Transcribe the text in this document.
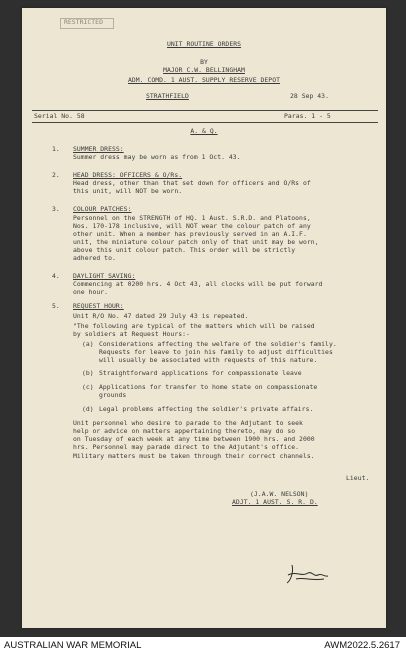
RESTRICTED
UNIT ROUTINE ORDERS
BY
MAJOR C.W. BELLINGHAM
ADM. COMD. 1 AUST. SUPPLY RESERVE DEPOT
STRATHFIELD	28 Sep 43.
Serial No. 58	Paras. 1 - 5
A. & Q.
1. SUMMER DRESS:
Summer dress may be worn as from 1 Oct. 43.
2. HEAD DRESS: OFFICERS & O/Rs.
Head dress, other than that set down for officers and O/Rs of
this unit, will NOT be worn.
3. COLOUR PATCHES:
Personnel on the STRENGTH of HQ. 1 Aust. S.R.D. and Platoons,
Nos. 170-178 inclusive, will NOT wear the colour patch of any
other unit. When a member has previously served in an A.I.F.
unit, the miniature colour patch only of that unit may be worn,
above this unit colour patch. This order will be strictly
adhered to.
4. DAYLIGHT SAVING:
Commencing at 0200 hrs. 4 Oct 43, all clocks will be put forward
one hour.
5. REQUEST HOUR:
Unit R/O No. 47 dated 29 July 43 is repeated.
"The following are typical of the matters which will be raised
by soldiers at Request Hours:-
(a) Considerations affecting the welfare of the soldier's family.
Requests for leave to join his family to adjust difficulties
will usually be associated with requests of this nature.
(b) Straightforward applications for compassionate leave
(c) Applications for transfer to home state on compassionate
grounds
(d) Legal problems affecting the soldier's private affairs.
Unit personnel who desire to parade to the Adjutant to seek
help or advice on matters appertaining thereto, may do so
on Tuesday of each week at any time between 1900 hrs. and 2000
hrs. Personnel may parade direct to the Adjutant's office.
Military matters must be taken through their correct channels.
Lieut.
(J.A.W. NELSON)
ADJT. 1 AUST. S. R. D.
AUSTRALIAN WAR MEMORIAL	AWM2022.5.2617
